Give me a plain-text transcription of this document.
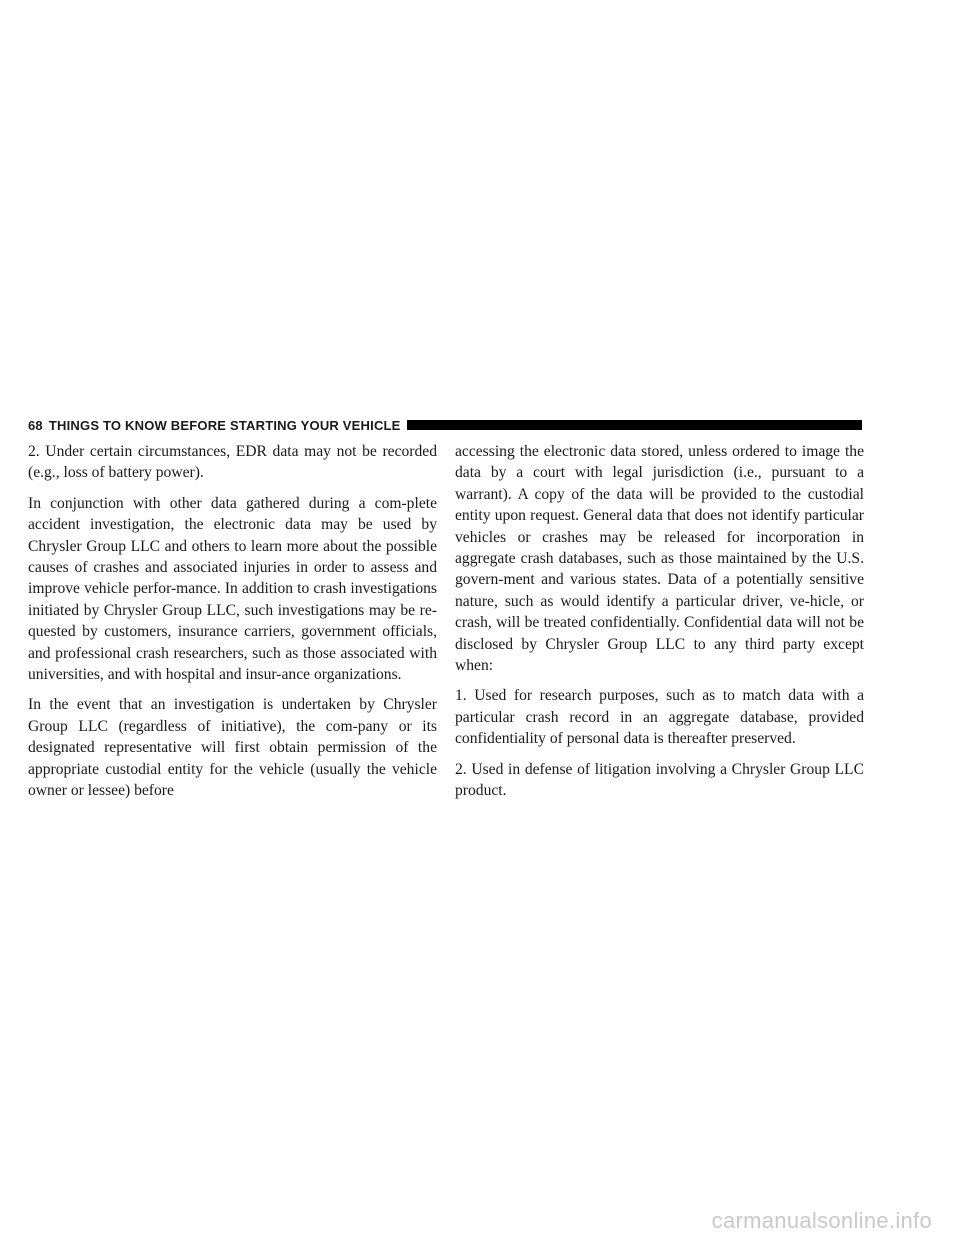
68 THINGS TO KNOW BEFORE STARTING YOUR VEHICLE

2. Under certain circumstances, EDR data may not be recorded (e.g., loss of battery power).

In conjunction with other data gathered during a com-plete accident investigation, the electronic data may be used by Chrysler Group LLC and others to learn more about the possible causes of crashes and associated injuries in order to assess and improve vehicle perfor-mance. In addition to crash investigations initiated by Chrysler Group LLC, such investigations may be re-quested by customers, insurance carriers, government officials, and professional crash researchers, such as those associated with universities, and with hospital and insur-ance organizations.

In the event that an investigation is undertaken by Chrysler Group LLC (regardless of initiative), the com-pany or its designated representative will first obtain permission of the appropriate custodial entity for the vehicle (usually the vehicle owner or lessee) before

accessing the electronic data stored, unless ordered to image the data by a court with legal jurisdiction (i.e., pursuant to a warrant). A copy of the data will be provided to the custodial entity upon request. General data that does not identify particular vehicles or crashes may be released for incorporation in aggregate crash databases, such as those maintained by the U.S. govern-ment and various states. Data of a potentially sensitive nature, such as would identify a particular driver, ve-hicle, or crash, will be treated confidentially. Confidential data will not be disclosed by Chrysler Group LLC to any third party except when:

1. Used for research purposes, such as to match data with a particular crash record in an aggregate database, provided confidentiality of personal data is thereafter preserved.

2. Used in defense of litigation involving a Chrysler Group LLC product.

carmanualsonline.info
